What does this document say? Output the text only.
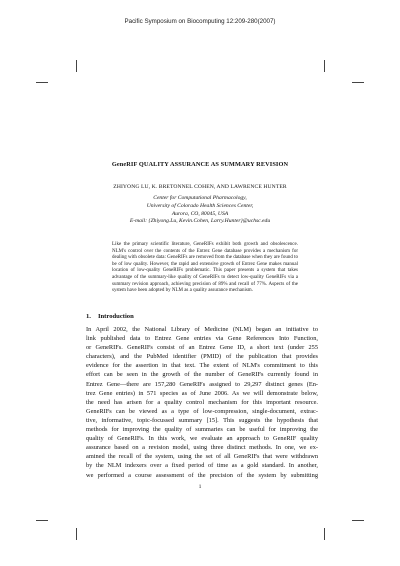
Pacific Symposium on Biocomputing 12:209-280(2007)
GeneRIF QUALITY ASSURANCE AS SUMMARY REVISION
ZHIYONG LU, K. BRETONNEL COHEN, AND LAWRENCE HUNTER
Center for Computational Pharmacology,
University of Colorado Health Sciences Center,
Aurora, CO, 80045, USA
E-mail: {Zhiyong.Lu, Kevin.Cohen, Larry.Hunter}@uchsc.edu
Like the primary scientific literature, GeneRIFs exhibit both growth and obsolescence. NLM's control over the contents of the Entrez Gene database provides a mechanism for dealing with obsolete data: GeneRIFs are removed from the database when they are found to be of low quality. However, the rapid and extensive growth of Entrez Gene makes manual location of low-quality GeneRIFs problematic. This paper presents a system that takes advantage of the summary-like quality of GeneRIFs to detect low-quality GeneRIFs via a summary revision approach, achieving precision of 89% and recall of 77%. Aspects of the system have been adopted by NLM as a quality assurance mechanism.
1. Introduction
In April 2002, the National Library of Medicine (NLM) began an initiative to
link published data to Entrez Gene entries via Gene References Into Function,
or GeneRIFs. GeneRIFs consist of an Entrez Gene ID, a short text (under 255
characters), and the PubMed identifier (PMID) of the publication that provides
evidence for the assertion in that text. The extent of NLM's commitment to this
effort can be seen in the growth of the number of GeneRIFs currently found in
Entrez Gene—there are 157,280 GeneRIFs assigned to 29,297 distinct genes (En-
trez Gene entries) in 571 species as of June 2006. As we will demonstrate below,
the need has arisen for a quality control mechanism for this important resource.
GeneRIFs can be viewed as a type of low-compression, single-document, extrac-
tive, informative, topic-focussed summary [15]. This suggests the hypothesis that
methods for improving the quality of summaries can be useful for improving the
quality of GeneRIFs. In this work, we evaluate an approach to GeneRIF quality
assurance based on a revision model, using three distinct methods. In one, we ex-
amined the recall of the system, using the set of all GeneRIFs that were withdrawn
by the NLM indexers over a fixed period of time as a gold standard. In another,
we performed a course assessment of the precision of the system by submitting
1
